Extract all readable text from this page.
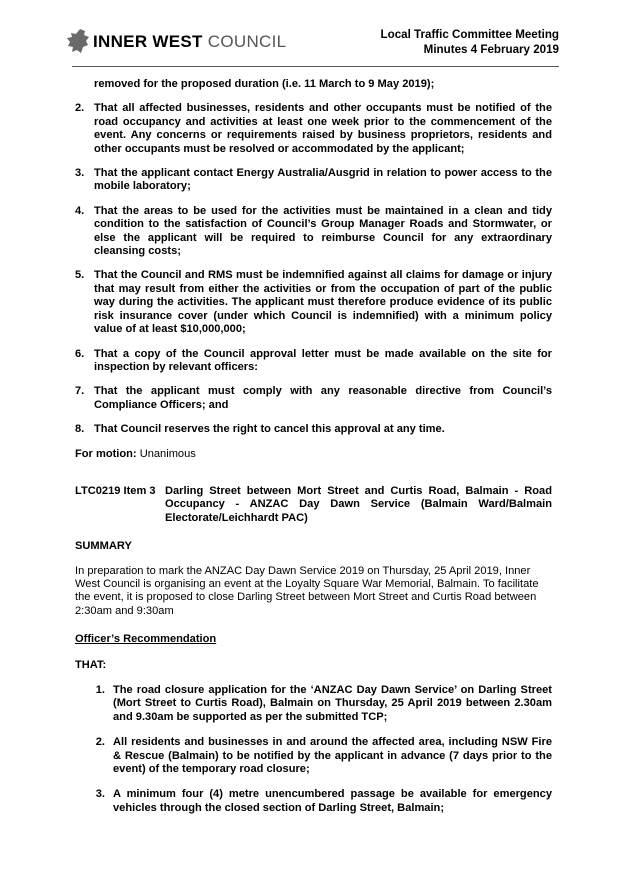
INNER WEST COUNCIL	Local Traffic Committee Meeting
Minutes 4 February 2019
removed for the proposed duration (i.e. 11 March to 9 May 2019);
2. That all affected businesses, residents and other occupants must be notified of the road occupancy and activities at least one week prior to the commencement of the event. Any concerns or requirements raised by business proprietors, residents and other occupants must be resolved or accommodated by the applicant;
3. That the applicant contact Energy Australia/Ausgrid in relation to power access to the mobile laboratory;
4. That the areas to be used for the activities must be maintained in a clean and tidy condition to the satisfaction of Council’s Group Manager Roads and Stormwater, or else the applicant will be required to reimburse Council for any extraordinary cleansing costs;
5. That the Council and RMS must be indemnified against all claims for damage or injury that may result from either the activities or from the occupation of part of the public way during the activities. The applicant must therefore produce evidence of its public risk insurance cover (under which Council is indemnified) with a minimum policy value of at least $10,000,000;
6. That a copy of the Council approval letter must be made available on the site for inspection by relevant officers:
7. That the applicant must comply with any reasonable directive from Council’s Compliance Officers; and
8. That Council reserves the right to cancel this approval at any time.
For motion: Unanimous
LTC0219 Item 3 Darling Street between Mort Street and Curtis Road, Balmain - Road Occupancy - ANZAC Day Dawn Service (Balmain Ward/Balmain Electorate/Leichhardt PAC)
SUMMARY
In preparation to mark the ANZAC Day Dawn Service 2019 on Thursday, 25 April 2019, Inner West Council is organising an event at the Loyalty Square War Memorial, Balmain. To facilitate the event, it is proposed to close Darling Street between Mort Street and Curtis Road between 2:30am and 9:30am
Officer’s Recommendation
THAT:
1. The road closure application for the ‘ANZAC Day Dawn Service’ on Darling Street (Mort Street to Curtis Road), Balmain on Thursday, 25 April 2019 between 2.30am and 9.30am be supported as per the submitted TCP;
2. All residents and businesses in and around the affected area, including NSW Fire & Rescue (Balmain) to be notified by the applicant in advance (7 days prior to the event) of the temporary road closure;
3. A minimum four (4) metre unencumbered passage be available for emergency vehicles through the closed section of Darling Street, Balmain;
